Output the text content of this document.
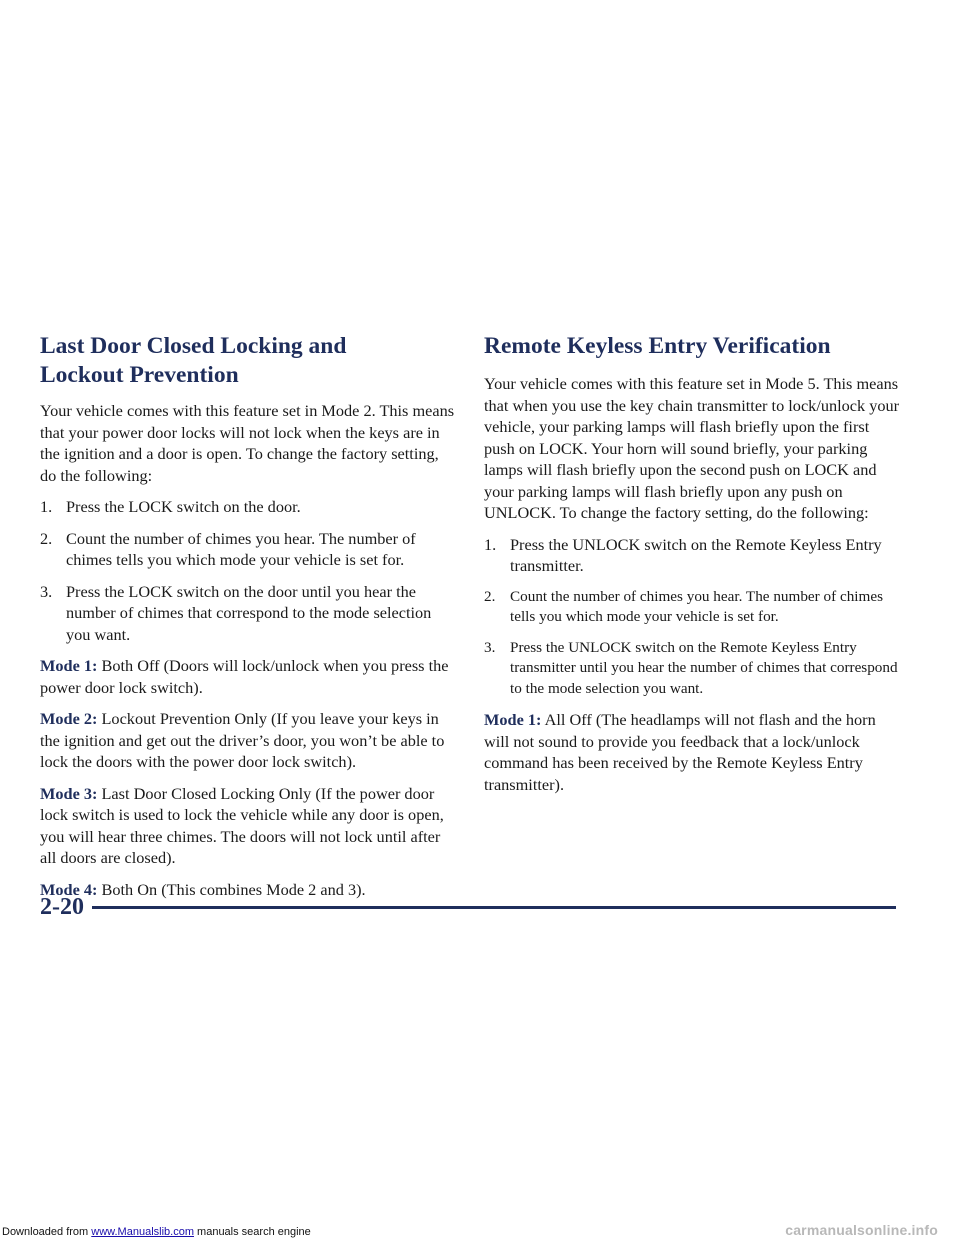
Last Door Closed Locking and
Lockout Prevention

Your vehicle comes with this feature set in Mode 2. This means that your power door locks will not lock when the keys are in the ignition and a door is open. To change the factory setting, do the following:

1. Press the LOCK switch on the door.
2. Count the number of chimes you hear. The number of chimes tells you which mode your vehicle is set for.
3. Press the LOCK switch on the door until you hear the number of chimes that correspond to the mode selection you want.

Mode 1: Both Off (Doors will lock/unlock when you press the power door lock switch).

Mode 2: Lockout Prevention Only (If you leave your keys in the ignition and get out the driver’s door, you won’t be able to lock the doors with the power door lock switch).

Mode 3: Last Door Closed Locking Only (If the power door lock switch is used to lock the vehicle while any door is open, you will hear three chimes. The doors will not lock until after all doors are closed).

Mode 4: Both On (This combines Mode 2 and 3).

Remote Keyless Entry Verification

Your vehicle comes with this feature set in Mode 5. This means that when you use the key chain transmitter to lock/unlock your vehicle, your parking lamps will flash briefly upon the first push on LOCK. Your horn will sound briefly, your parking lamps will flash briefly upon the second push on LOCK and your parking lamps will flash briefly upon any push on UNLOCK. To change the factory setting, do the following:

1. Press the UNLOCK switch on the Remote Keyless Entry transmitter.
2. Count the number of chimes you hear. The number of chimes tells you which mode your vehicle is set for.
3. Press the UNLOCK switch on the Remote Keyless Entry transmitter until you hear the number of chimes that correspond to the mode selection you want.

Mode 1: All Off (The headlamps will not flash and the horn will not sound to provide you feedback that a lock/unlock command has been received by the Remote Keyless Entry transmitter).

2-20
Downloaded from www.Manualslib.com manuals search engine	carmanualsonline.info
